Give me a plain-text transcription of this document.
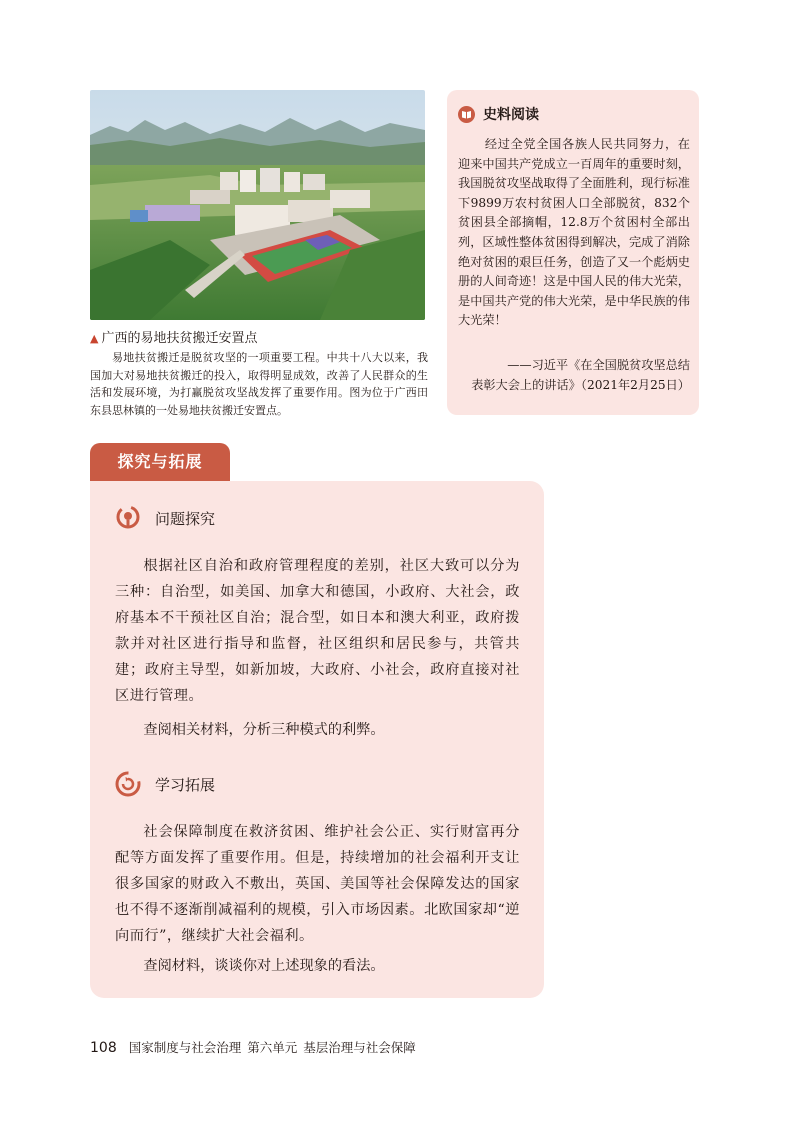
▲ 广西的易地扶贫搬迁安置点
易地扶贫搬迁是脱贫攻坚的一项重要工程。中共十八大以来，我国加大对易地扶贫搬迁的投入，取得明显成效，改善了人民群众的生活和发展环境，为打赢脱贫攻坚战发挥了重要作用。图为位于广西田东县思林镇的一处易地扶贫搬迁安置点。
史料阅读
经过全党全国各族人民共同努力，在迎来中国共产党成立一百周年的重要时刻，我国脱贫攻坚战取得了全面胜利，现行标准下9899万农村贫困人口全部脱贫，832个贫困县全部摘帽，12.8万个贫困村全部出列，区域性整体贫困得到解决，完成了消除绝对贫困的艰巨任务，创造了又一个彪炳史册的人间奇迹！这是中国人民的伟大光荣，是中国共产党的伟大光荣，是中华民族的伟大光荣！
——习近平《在全国脱贫攻坚总结
表彰大会上的讲话》（2021年2月25日）
探究与拓展
问题探究
根据社区自治和政府管理程度的差别，社区大致可以分为三种：自治型，如美国、加拿大和德国，小政府、大社会，政府基本不干预社区自治；混合型，如日本和澳大利亚，政府拨款并对社区进行指导和监督，社区组织和居民参与，共管共建；政府主导型，如新加坡，大政府、小社会，政府直接对社区进行管理。
查阅相关材料，分析三种模式的利弊。
学习拓展
社会保障制度在救济贫困、维护社会公正、实行财富再分配等方面发挥了重要作用。但是，持续增加的社会福利开支让很多国家的财政入不敷出，英国、美国等社会保障发达的国家也不得不逐渐削减福利的规模，引入市场因素。北欧国家却“逆向而行”，继续扩大社会福利。
查阅材料，谈谈你对上述现象的看法。
108 国家制度与社会治理 第六单元 基层治理与社会保障
